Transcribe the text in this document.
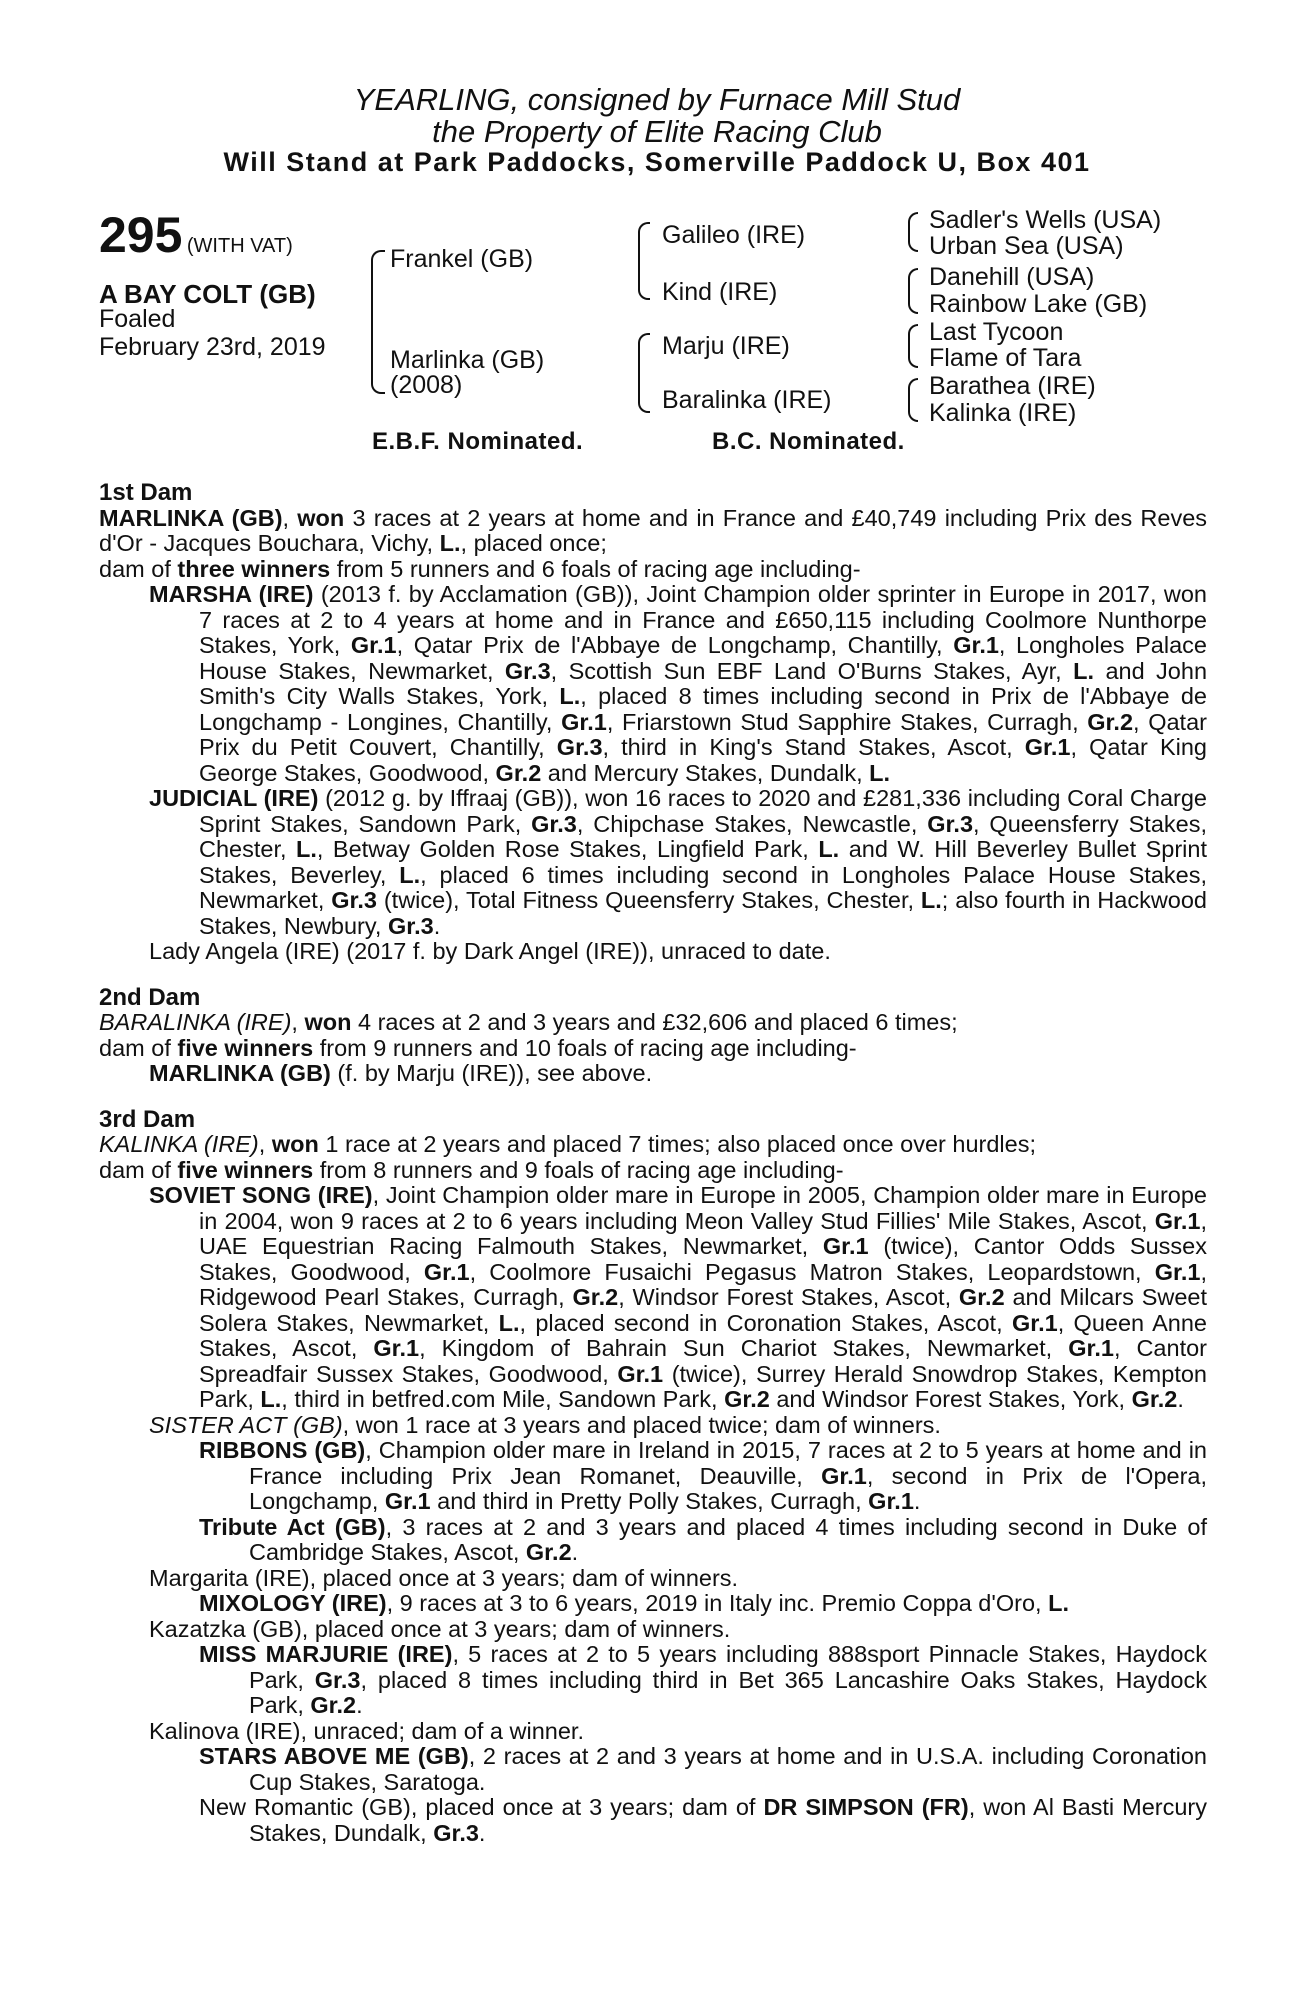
YEARLING, consigned by Furnace Mill Stud
the Property of Elite Racing Club
Will Stand at Park Paddocks, Somerville Paddock U, Box 401
295 (WITH VAT)
A BAY COLT (GB)
Foaled
February 23rd, 2019
Frankel (GB)
Marlinka (GB)
(2008)
Galileo (IRE)
Kind (IRE)
Marju (IRE)
Baralinka (IRE)
Sadler's Wells (USA)
Urban Sea (USA)
Danehill (USA)
Rainbow Lake (GB)
Last Tycoon
Flame of Tara
Barathea (IRE)
Kalinka (IRE)
E.B.F. Nominated.	B.C. Nominated.
1st Dam
MARLINKA (GB), won 3 races at 2 years at home and in France and £40,749 including Prix des Reves d'Or - Jacques Bouchara, Vichy, L., placed once;
dam of three winners from 5 runners and 6 foals of racing age including-
MARSHA (IRE) (2013 f. by Acclamation (GB)), Joint Champion older sprinter in Europe in 2017, won 7 races at 2 to 4 years at home and in France and £650,115 including Coolmore Nunthorpe Stakes, York, Gr.1, Qatar Prix de l'Abbaye de Longchamp, Chantilly, Gr.1, Longholes Palace House Stakes, Newmarket, Gr.3, Scottish Sun EBF Land O'Burns Stakes, Ayr, L. and John Smith's City Walls Stakes, York, L., placed 8 times including second in Prix de l'Abbaye de Longchamp - Longines, Chantilly, Gr.1, Friarstown Stud Sapphire Stakes, Curragh, Gr.2, Qatar Prix du Petit Couvert, Chantilly, Gr.3, third in King's Stand Stakes, Ascot, Gr.1, Qatar King George Stakes, Goodwood, Gr.2 and Mercury Stakes, Dundalk, L.
JUDICIAL (IRE) (2012 g. by Iffraaj (GB)), won 16 races to 2020 and £281,336 including Coral Charge Sprint Stakes, Sandown Park, Gr.3, Chipchase Stakes, Newcastle, Gr.3, Queensferry Stakes, Chester, L., Betway Golden Rose Stakes, Lingfield Park, L. and W. Hill Beverley Bullet Sprint Stakes, Beverley, L., placed 6 times including second in Longholes Palace House Stakes, Newmarket, Gr.3 (twice), Total Fitness Queensferry Stakes, Chester, L.; also fourth in Hackwood Stakes, Newbury, Gr.3.
Lady Angela (IRE) (2017 f. by Dark Angel (IRE)), unraced to date.
2nd Dam
BARALINKA (IRE), won 4 races at 2 and 3 years and £32,606 and placed 6 times;
dam of five winners from 9 runners and 10 foals of racing age including-
MARLINKA (GB) (f. by Marju (IRE)), see above.
3rd Dam
KALINKA (IRE), won 1 race at 2 years and placed 7 times; also placed once over hurdles;
dam of five winners from 8 runners and 9 foals of racing age including-
SOVIET SONG (IRE), Joint Champion older mare in Europe in 2005, Champion older mare in Europe in 2004, won 9 races at 2 to 6 years including Meon Valley Stud Fillies' Mile Stakes, Ascot, Gr.1, UAE Equestrian Racing Falmouth Stakes, Newmarket, Gr.1 (twice), Cantor Odds Sussex Stakes, Goodwood, Gr.1, Coolmore Fusaichi Pegasus Matron Stakes, Leopardstown, Gr.1, Ridgewood Pearl Stakes, Curragh, Gr.2, Windsor Forest Stakes, Ascot, Gr.2 and Milcars Sweet Solera Stakes, Newmarket, L., placed second in Coronation Stakes, Ascot, Gr.1, Queen Anne Stakes, Ascot, Gr.1, Kingdom of Bahrain Sun Chariot Stakes, Newmarket, Gr.1, Cantor Spreadfair Sussex Stakes, Goodwood, Gr.1 (twice), Surrey Herald Snowdrop Stakes, Kempton Park, L., third in betfred.com Mile, Sandown Park, Gr.2 and Windsor Forest Stakes, York, Gr.2.
SISTER ACT (GB), won 1 race at 3 years and placed twice; dam of winners.
RIBBONS (GB), Champion older mare in Ireland in 2015, 7 races at 2 to 5 years at home and in France including Prix Jean Romanet, Deauville, Gr.1, second in Prix de l'Opera, Longchamp, Gr.1 and third in Pretty Polly Stakes, Curragh, Gr.1.
Tribute Act (GB), 3 races at 2 and 3 years and placed 4 times including second in Duke of Cambridge Stakes, Ascot, Gr.2.
Margarita (IRE), placed once at 3 years; dam of winners.
MIXOLOGY (IRE), 9 races at 3 to 6 years, 2019 in Italy inc. Premio Coppa d'Oro, L.
Kazatzka (GB), placed once at 3 years; dam of winners.
MISS MARJURIE (IRE), 5 races at 2 to 5 years including 888sport Pinnacle Stakes, Haydock Park, Gr.3, placed 8 times including third in Bet 365 Lancashire Oaks Stakes, Haydock Park, Gr.2.
Kalinova (IRE), unraced; dam of a winner.
STARS ABOVE ME (GB), 2 races at 2 and 3 years at home and in U.S.A. including Coronation Cup Stakes, Saratoga.
New Romantic (GB), placed once at 3 years; dam of DR SIMPSON (FR), won Al Basti Mercury Stakes, Dundalk, Gr.3.
